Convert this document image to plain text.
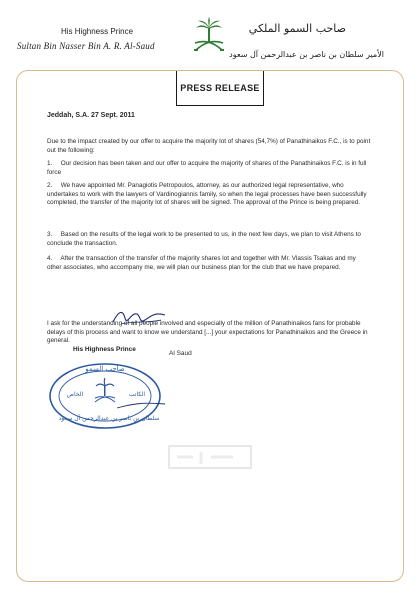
His Highness Prince
Sultan Bin Nasser Bin A. R. Al-Saud
صاحب السمو الملكي
الأمير سلطان بن ناصر بن عبدالرحمن آل سعود
PRESS RELEASE
Jeddah, S.A. 27 Sept. 2011
Due to the impact created by our offer to acquire the majority lot of shares (54,7%) of Panathinaikos F.C., is to point out the following:
1. Our decision has been taken and our offer to acquire the majority of shares of the Panathinaikos F.C. is in full force
2. We have appointed Mr. Panagiotis Petropoulos, attorney, as our authorized legal representative, who undertakes to work with the lawyers of Vardinogiannis family, so when the legal processes have been successfully completed, the transfer of the majority lot of shares will be signed. The approval of the Prince is being prepared.
3. Based on the results of the legal work to be presented to us, in the next few days, we plan to visit Athens to conclude the transaction.
4. After the transaction of the transfer of the majority shares lot and together with Mr. Vlassis Tsakas and my other associates, who accompany me, we will plan our business plan for the club that we have prepared.
I ask for the understanding of all people involved and especially of the million of Panathinaikos fans for probable delays of this process and want to know we understand [...] your expectations for Panathinaikos and the Greece in general.
His Highness Prince
Al Saud
صاحب السمو
الخاص	الكاتب
سلطان بن ناصر بن عبدالرحمن آل سعود
